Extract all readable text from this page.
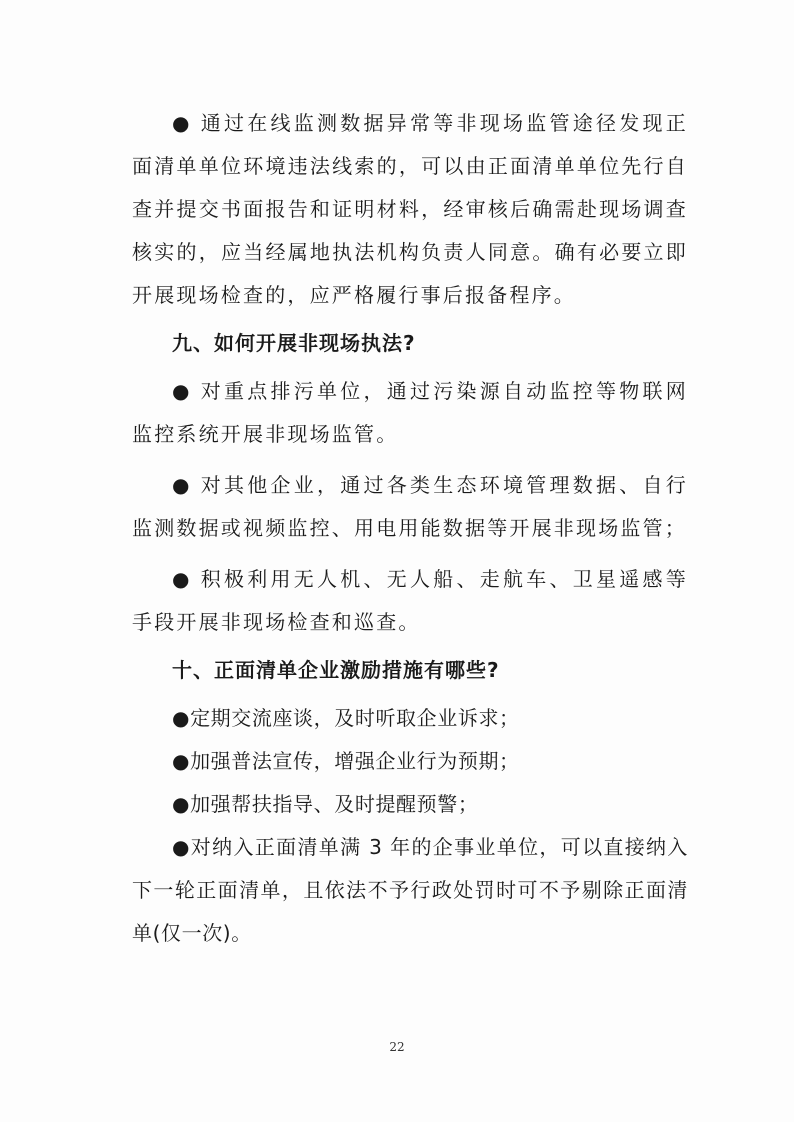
● 通过在线监测数据异常等非现场监管途径发现正面清单单位环境违法线索的，可以由正面清单单位先行自查并提交书面报告和证明材料，经审核后确需赴现场调查核实的，应当经属地执法机构负责人同意。确有必要立即开展现场检查的，应严格履行事后报备程序。

九、如何开展非现场执法?

● 对重点排污单位，通过污染源自动监控等物联网监控系统开展非现场监管。

● 对其他企业，通过各类生态环境管理数据、自行监测数据或视频监控、用电用能数据等开展非现场监管；

● 积极利用无人机、无人船、走航车、卫星遥感等手段开展非现场检查和巡查。

十、正面清单企业激励措施有哪些?

●定期交流座谈，及时听取企业诉求；

●加强普法宣传，增强企业行为预期；

●加强帮扶指导、及时提醒预警；

●对纳入正面清单满 3 年的企事业单位，可以直接纳入下一轮正面清单，且依法不予行政处罚时可不予剔除正面清单(仅一次)。

22
